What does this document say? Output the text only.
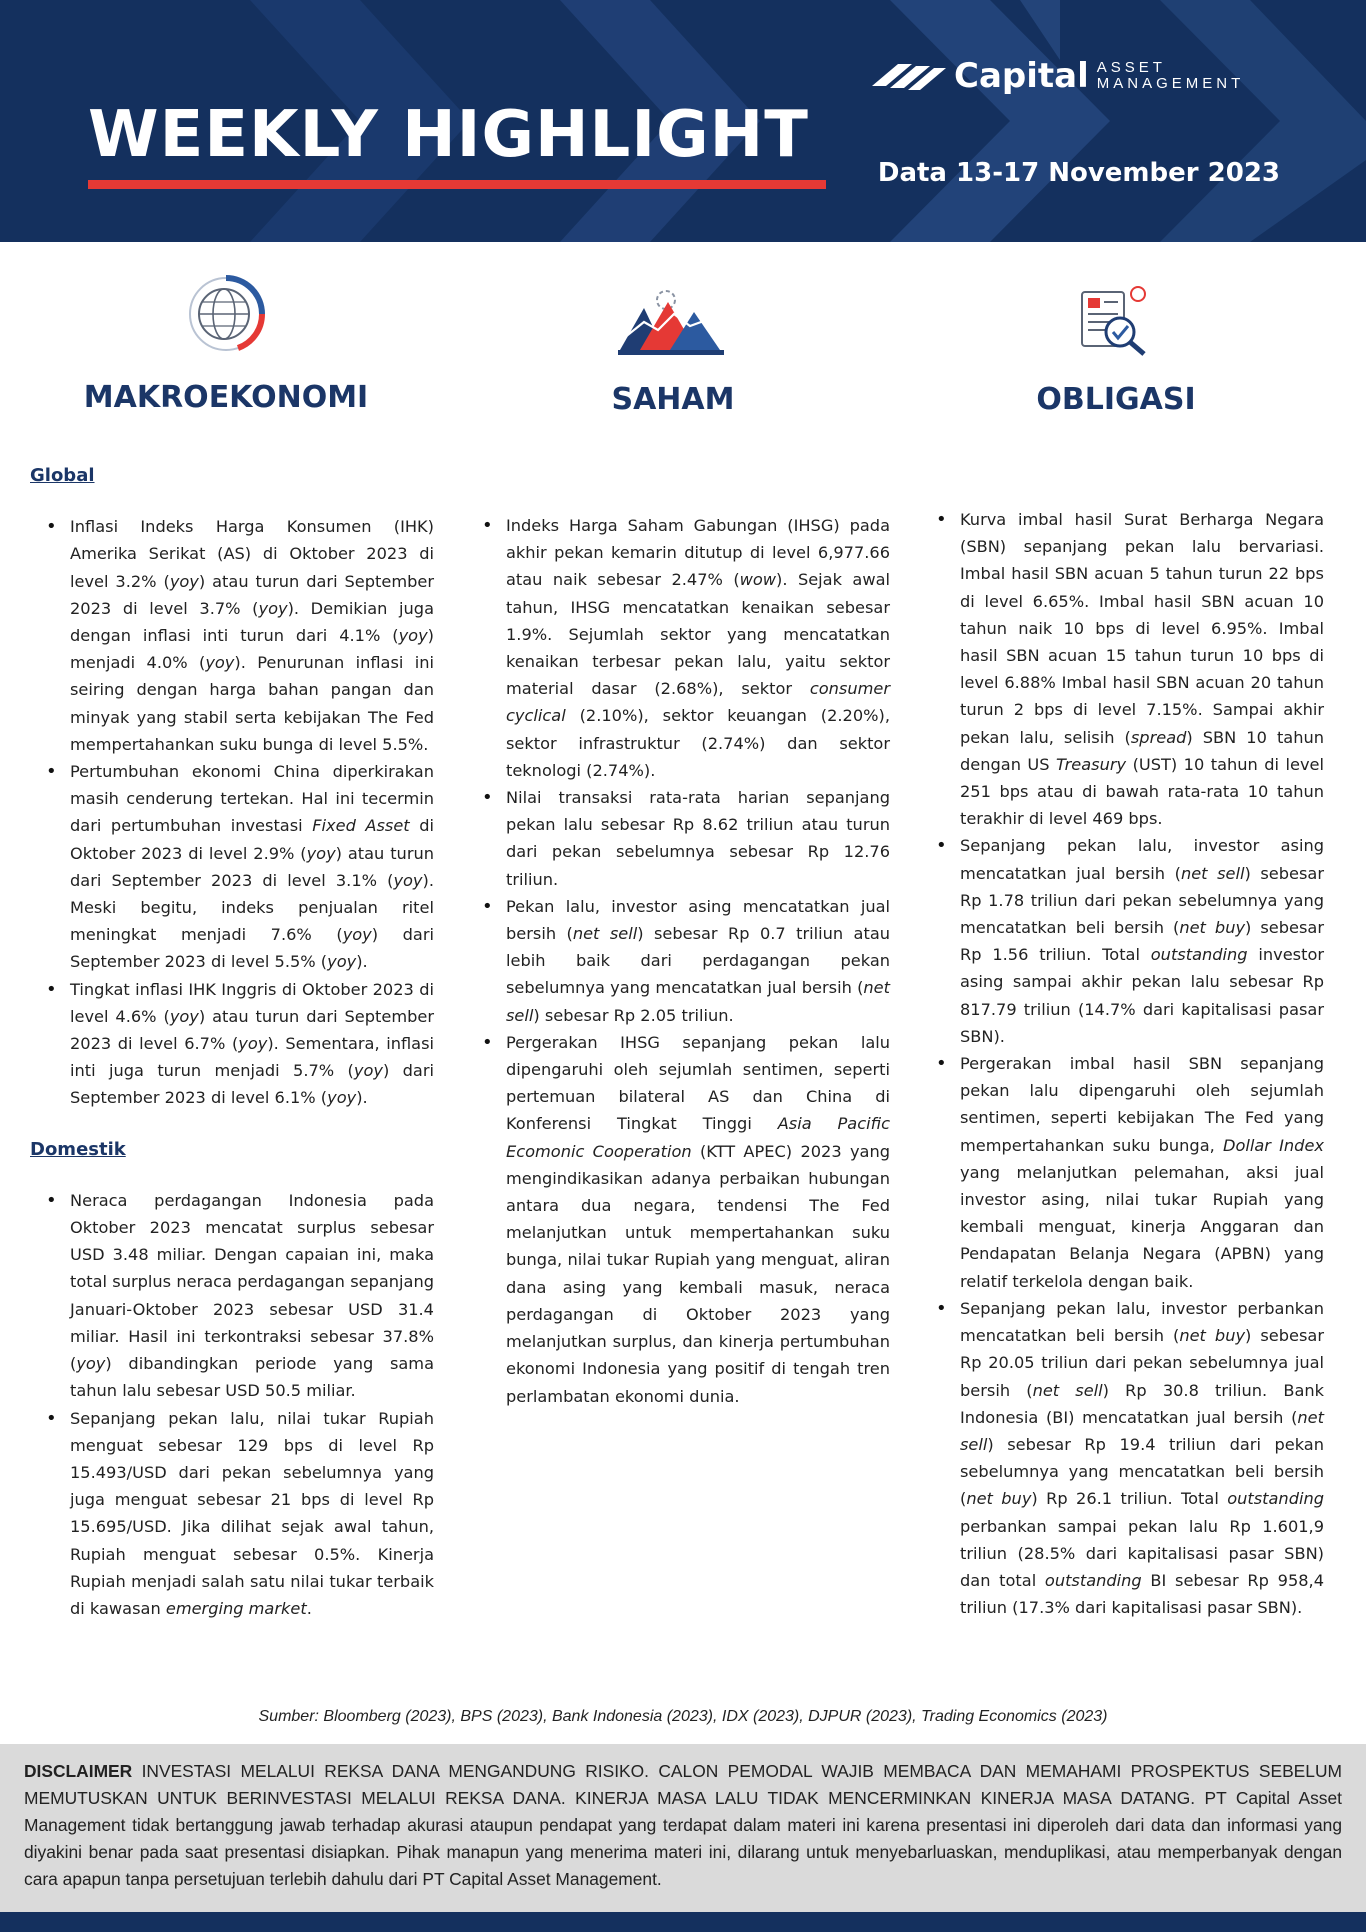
WEEKLY HIGHLIGHT
Capital ASSET
MANAGEMENT
Data 13-17 November 2023
MAKROEKONOMI	SAHAM	OBLIGASI
Global
• Inflasi Indeks Harga Konsumen (IHK) Amerika Serikat (AS) di Oktober 2023 di level 3.2% (yoy) atau turun dari September 2023 di level 3.7% (yoy). Demikian juga dengan inflasi inti turun dari 4.1% (yoy) menjadi 4.0% (yoy). Penurunan inflasi ini seiring dengan harga bahan pangan dan minyak yang stabil serta kebijakan The Fed mempertahankan suku bunga di level 5.5%.
• Pertumbuhan ekonomi China diperkirakan masih cenderung tertekan. Hal ini tecermin dari pertumbuhan investasi Fixed Asset di Oktober 2023 di level 2.9% (yoy) atau turun dari September 2023 di level 3.1% (yoy). Meski begitu, indeks penjualan ritel meningkat menjadi 7.6% (yoy) dari September 2023 di level 5.5% (yoy).
• Tingkat inflasi IHK Inggris di Oktober 2023 di level 4.6% (yoy) atau turun dari September 2023 di level 6.7% (yoy). Sementara, inflasi inti juga turun menjadi 5.7% (yoy) dari September 2023 di level 6.1% (yoy).
Domestik
• Neraca perdagangan Indonesia pada Oktober 2023 mencatat surplus sebesar USD 3.48 miliar. Dengan capaian ini, maka total surplus neraca perdagangan sepanjang Januari-Oktober 2023 sebesar USD 31.4 miliar. Hasil ini terkontraksi sebesar 37.8% (yoy) dibandingkan periode yang sama tahun lalu sebesar USD 50.5 miliar.
• Sepanjang pekan lalu, nilai tukar Rupiah menguat sebesar 129 bps di level Rp 15.493/USD dari pekan sebelumnya yang juga menguat sebesar 21 bps di level Rp 15.695/USD. Jika dilihat sejak awal tahun, Rupiah menguat sebesar 0.5%. Kinerja Rupiah menjadi salah satu nilai tukar terbaik di kawasan emerging market.
• Indeks Harga Saham Gabungan (IHSG) pada akhir pekan kemarin ditutup di level 6,977.66 atau naik sebesar 2.47% (wow). Sejak awal tahun, IHSG mencatatkan kenaikan sebesar 1.9%. Sejumlah sektor yang mencatatkan kenaikan terbesar pekan lalu, yaitu sektor material dasar (2.68%), sektor consumer cyclical (2.10%), sektor keuangan (2.20%), sektor infrastruktur (2.74%) dan sektor teknologi (2.74%).
• Nilai transaksi rata-rata harian sepanjang pekan lalu sebesar Rp 8.62 triliun atau turun dari pekan sebelumnya sebesar Rp 12.76 triliun.
• Pekan lalu, investor asing mencatatkan jual bersih (net sell) sebesar Rp 0.7 triliun atau lebih baik dari perdagangan pekan sebelumnya yang mencatatkan jual bersih (net sell) sebesar Rp 2.05 triliun.
• Pergerakan IHSG sepanjang pekan lalu dipengaruhi oleh sejumlah sentimen, seperti pertemuan bilateral AS dan China di Konferensi Tingkat Tinggi Asia Pacific Ecomonic Cooperation (KTT APEC) 2023 yang mengindikasikan adanya perbaikan hubungan antara dua negara, tendensi The Fed melanjutkan untuk mempertahankan suku bunga, nilai tukar Rupiah yang menguat, aliran dana asing yang kembali masuk, neraca perdagangan di Oktober 2023 yang melanjutkan surplus, dan kinerja pertumbuhan ekonomi Indonesia yang positif di tengah tren perlambatan ekonomi dunia.
• Kurva imbal hasil Surat Berharga Negara (SBN) sepanjang pekan lalu bervariasi. Imbal hasil SBN acuan 5 tahun turun 22 bps di level 6.65%. Imbal hasil SBN acuan 10 tahun naik 10 bps di level 6.95%. Imbal hasil SBN acuan 15 tahun turun 10 bps di level 6.88% Imbal hasil SBN acuan 20 tahun turun 2 bps di level 7.15%. Sampai akhir pekan lalu, selisih (spread) SBN 10 tahun dengan US Treasury (UST) 10 tahun di level 251 bps atau di bawah rata-rata 10 tahun terakhir di level 469 bps.
• Sepanjang pekan lalu, investor asing mencatatkan jual bersih (net sell) sebesar Rp 1.78 triliun dari pekan sebelumnya yang mencatatkan beli bersih (net buy) sebesar Rp 1.56 triliun. Total outstanding investor asing sampai akhir pekan lalu sebesar Rp 817.79 triliun (14.7% dari kapitalisasi pasar SBN).
• Pergerakan imbal hasil SBN sepanjang pekan lalu dipengaruhi oleh sejumlah sentimen, seperti kebijakan The Fed yang mempertahankan suku bunga, Dollar Index yang melanjutkan pelemahan, aksi jual investor asing, nilai tukar Rupiah yang kembali menguat, kinerja Anggaran dan Pendapatan Belanja Negara (APBN) yang relatif terkelola dengan baik.
• Sepanjang pekan lalu, investor perbankan mencatatkan beli bersih (net buy) sebesar Rp 20.05 triliun dari pekan sebelumnya jual bersih (net sell) Rp 30.8 triliun. Bank Indonesia (BI) mencatatkan jual bersih (net sell) sebesar Rp 19.4 triliun dari pekan sebelumnya yang mencatatkan beli bersih (net buy) Rp 26.1 triliun. Total outstanding perbankan sampai pekan lalu Rp 1.601,9 triliun (28.5% dari kapitalisasi pasar SBN) dan total outstanding BI sebesar Rp 958,4 triliun (17.3% dari kapitalisasi pasar SBN).
Sumber: Bloomberg (2023), BPS (2023), Bank Indonesia (2023), IDX (2023), DJPUR (2023), Trading Economics (2023)
DISCLAIMER INVESTASI MELALUI REKSA DANA MENGANDUNG RISIKO. CALON PEMODAL WAJIB MEMBACA DAN MEMAHAMI PROSPEKTUS SEBELUM MEMUTUSKAN UNTUK BERINVESTASI MELALUI REKSA DANA. KINERJA MASA LALU TIDAK MENCERMINKAN KINERJA MASA DATANG. PT Capital Asset Management tidak bertanggung jawab terhadap akurasi ataupun pendapat yang terdapat dalam materi ini karena presentasi ini diperoleh dari data dan informasi yang diyakini benar pada saat presentasi disiapkan. Pihak manapun yang menerima materi ini, dilarang untuk menyebarluaskan, menduplikasi, atau memperbanyak dengan cara apapun tanpa persetujuan terlebih dahulu dari PT Capital Asset Management.
